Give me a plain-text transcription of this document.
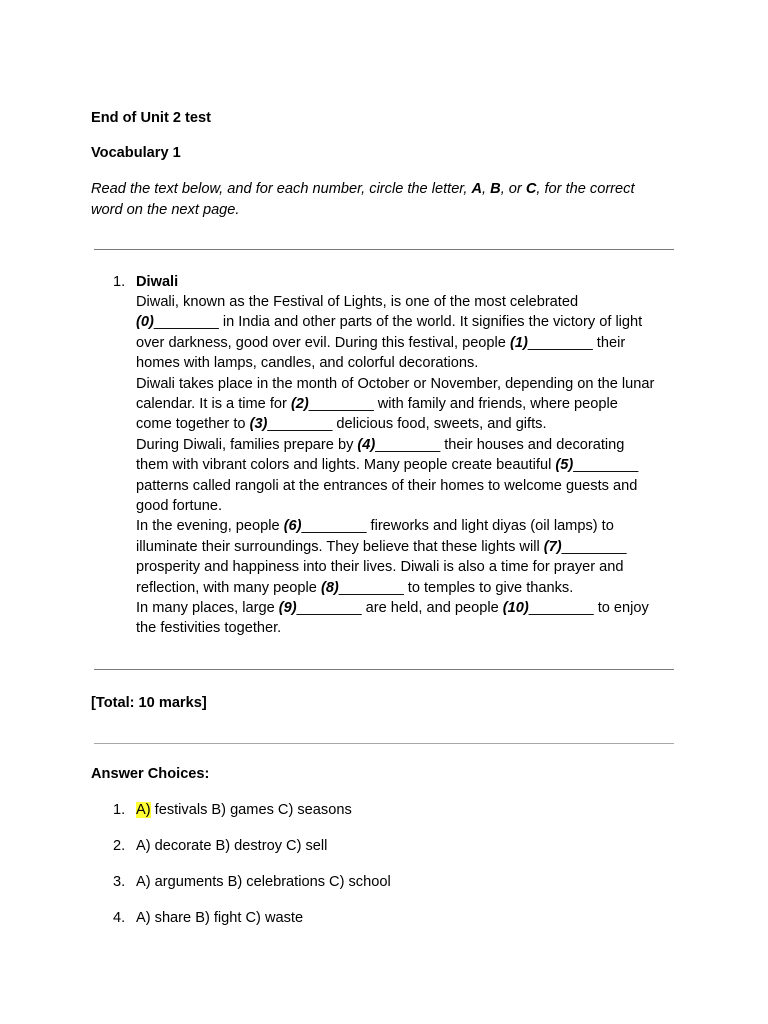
End of Unit 2 test
Vocabulary 1
Read the text below, and for each number, circle the letter, A, B, or C, for the correct
word on the next page.
1. Diwali
Diwali, known as the Festival of Lights, is one of the most celebrated
(0)________ in India and other parts of the world. It signifies the victory of light
over darkness, good over evil. During this festival, people (1)________ their
homes with lamps, candles, and colorful decorations.
Diwali takes place in the month of October or November, depending on the lunar
calendar. It is a time for (2)________ with family and friends, where people
come together to (3)________ delicious food, sweets, and gifts.
During Diwali, families prepare by (4)________ their houses and decorating
them with vibrant colors and lights. Many people create beautiful (5)________
patterns called rangoli at the entrances of their homes to welcome guests and
good fortune.
In the evening, people (6)________ fireworks and light diyas (oil lamps) to
illuminate their surroundings. They believe that these lights will (7)________
prosperity and happiness into their lives. Diwali is also a time for prayer and
reflection, with many people (8)________ to temples to give thanks.
In many places, large (9)________ are held, and people (10)________ to enjoy
the festivities together.
[Total: 10 marks]
Answer Choices:
1. A) festivals B) games C) seasons
2. A) decorate B) destroy C) sell
3. A) arguments B) celebrations C) school
4. A) share B) fight C) waste
